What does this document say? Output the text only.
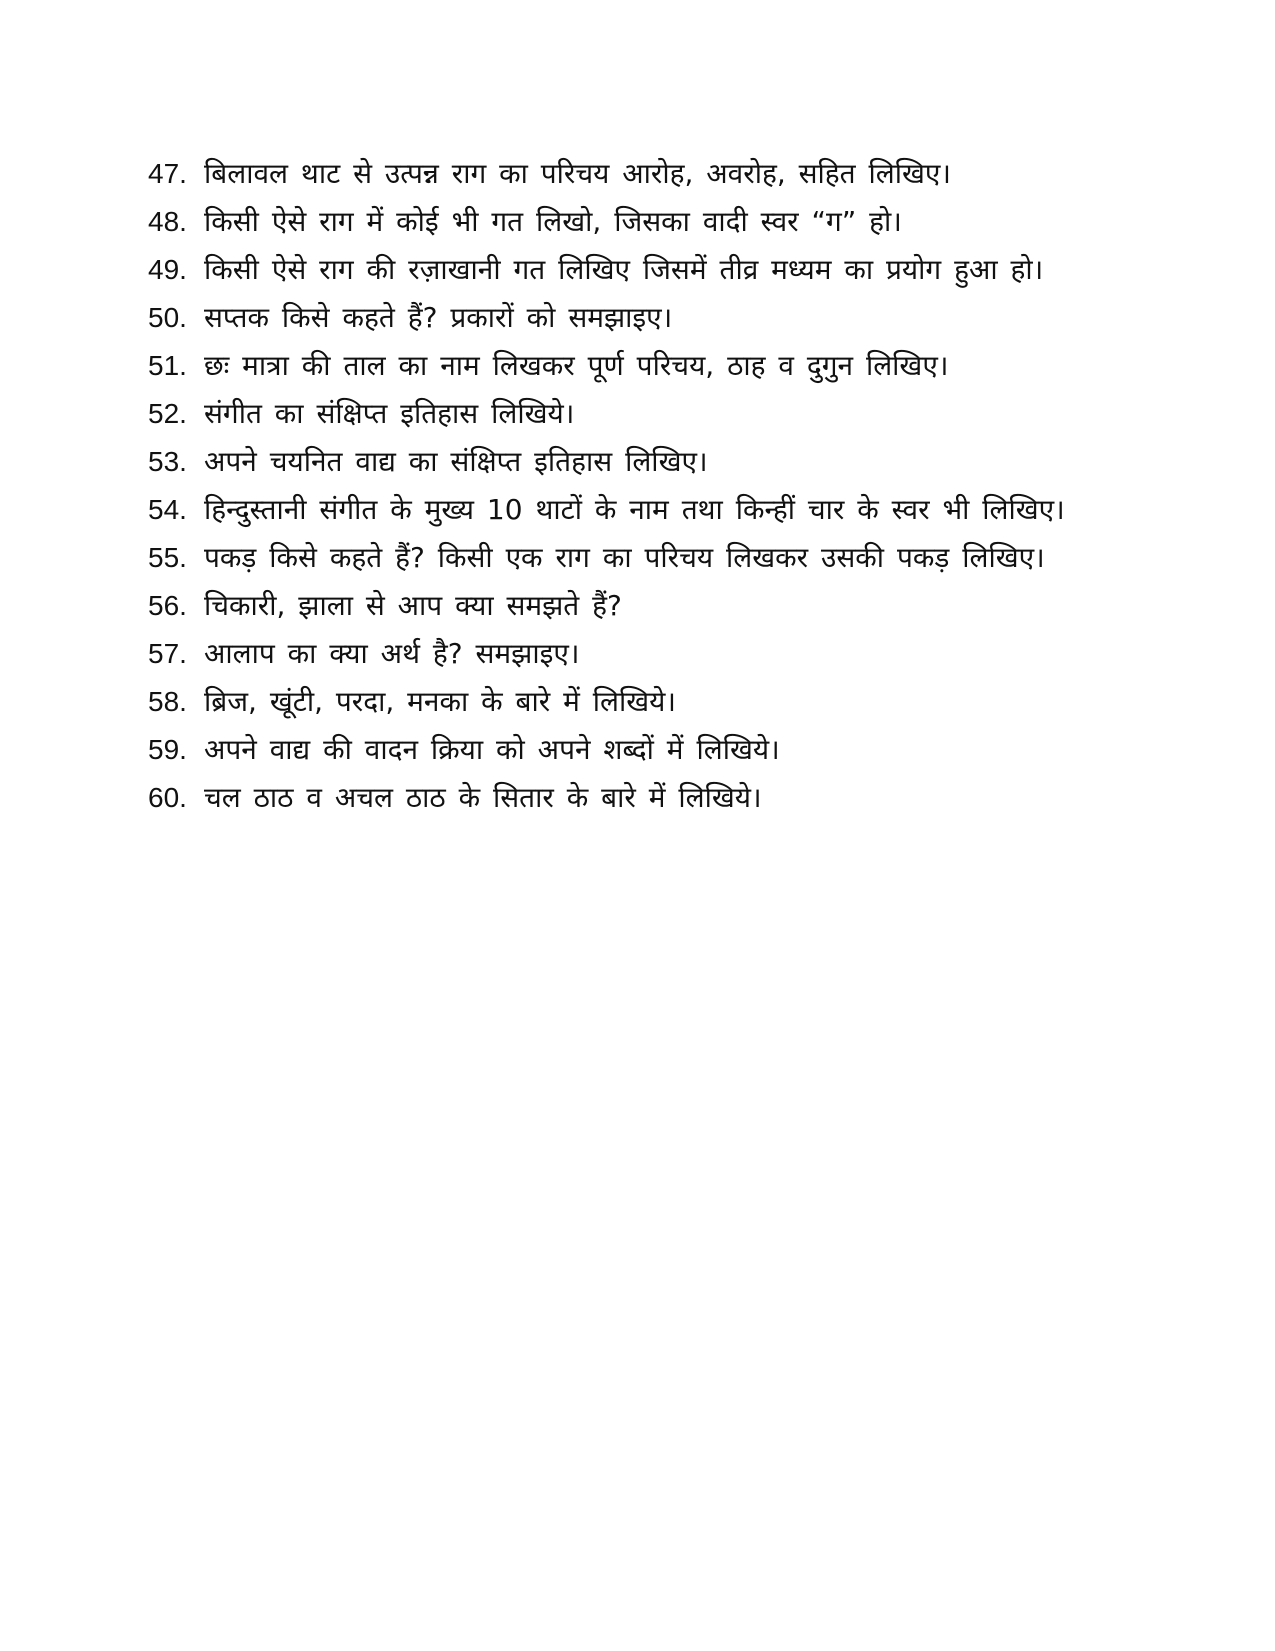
47. बिलावल थाट से उत्पन्न राग का परिचय आरोह, अवरोह, सहित लिखिए।
48. किसी ऐसे राग में कोई भी गत लिखो, जिसका वादी स्वर “ग” हो।
49. किसी ऐसे राग की रज़ाखानी गत लिखिए जिसमें तीव्र मध्यम का प्रयोग हुआ हो।
50. सप्तक किसे कहते हैं? प्रकारों को समझाइए।
51. छः मात्रा की ताल का नाम लिखकर पूर्ण परिचय, ठाह व दुगुन लिखिए।
52. संगीत का संक्षिप्त इतिहास लिखिये।
53. अपने चयनित वाद्य का संक्षिप्त इतिहास लिखिए।
54. हिन्दुस्तानी संगीत के मुख्य 10 थाटों के नाम तथा किन्हीं चार के स्वर भी लिखिए।
55. पकड़ किसे कहते हैं? किसी एक राग का परिचय लिखकर उसकी पकड़ लिखिए।
56. चिकारी, झाला से आप क्या समझते हैं?
57. आलाप का क्या अर्थ है? समझाइए।
58. ब्रिज, खूंटी, परदा, मनका के बारे में लिखिये।
59. अपने वाद्य की वादन क्रिया को अपने शब्दों में लिखिये।
60. चल ठाठ व अचल ठाठ के सितार के बारे में लिखिये।
